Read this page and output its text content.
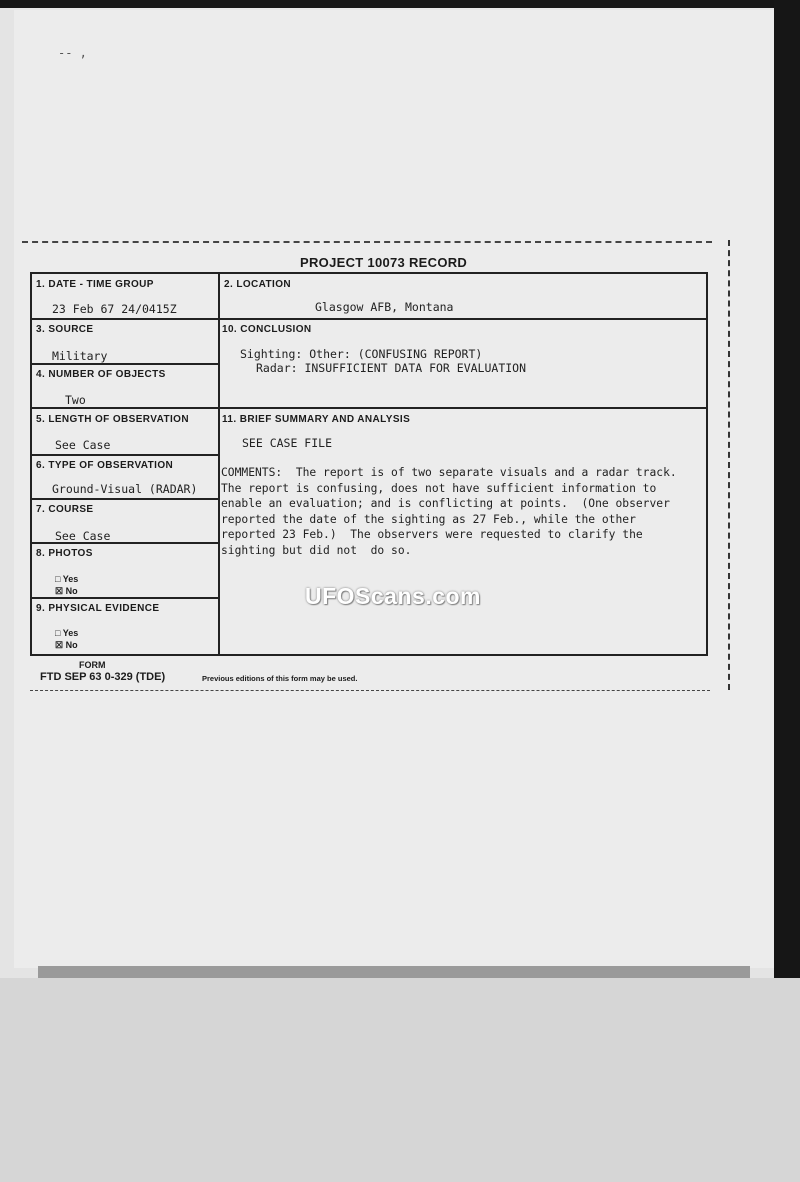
-- ,
PROJECT 10073 RECORD
1. DATE - TIME GROUP
23 Feb 67 24/0415Z
3. SOURCE
Military
4. NUMBER OF OBJECTS
Two
5. LENGTH OF OBSERVATION
See Case
6. TYPE OF OBSERVATION
Ground-Visual (RADAR)
7. COURSE
See Case
8. PHOTOS
□ Yes
☒ No
9. PHYSICAL EVIDENCE
□ Yes
☒ No
2. LOCATION
Glasgow AFB, Montana
10. CONCLUSION
Sighting: Other: (CONFUSING REPORT)
Radar: INSUFFICIENT DATA FOR EVALUATION
11. BRIEF SUMMARY AND ANALYSIS
SEE CASE FILE
COMMENTS:  The report is of two separate visuals and a radar track.
The report is confusing, does not have sufficient information to
enable an evaluation; and is conflicting at points.  (One observer
reported the date of the sighting as 27 Feb., while the other
reported 23 Feb.)  The observers were requested to clarify the
sighting but did not  do so.
UFOScans.com
FORM
FTD SEP 63 0-329 (TDE)	Previous editions of this form may be used.
